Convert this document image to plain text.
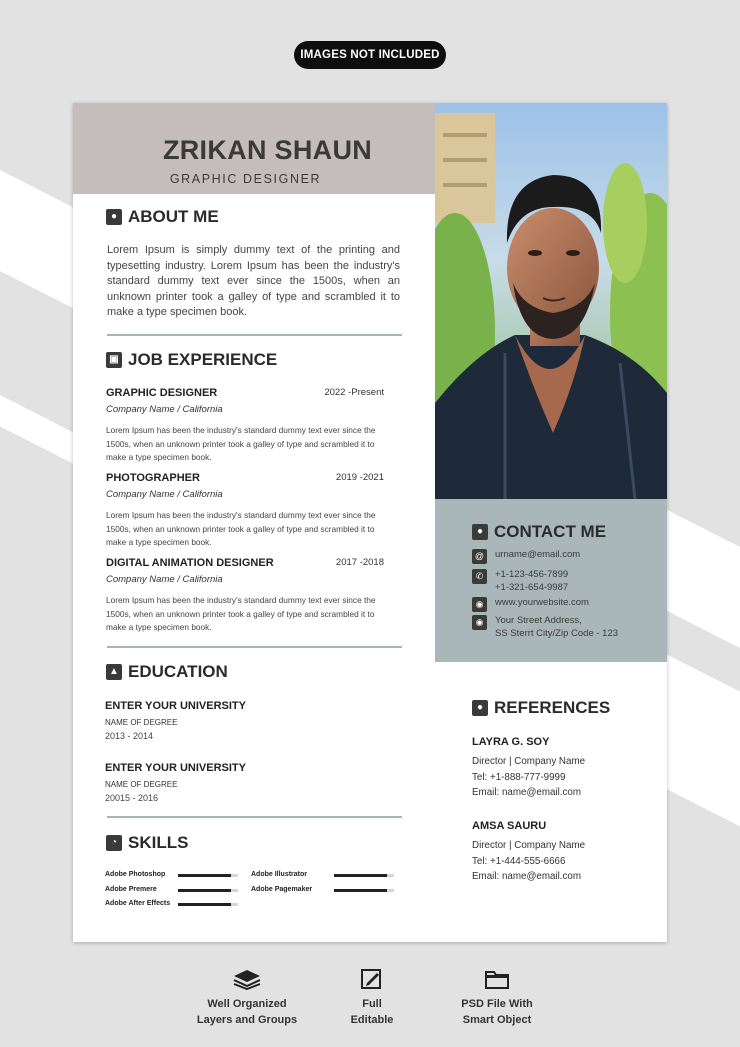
IMAGES NOT INCLUDED
ZRIKAN SHAUN
GRAPHIC DESIGNER
● ABOUT ME
Lorem Ipsum is simply dummy text of the printing and typesetting industry. Lorem Ipsum has been the industry's standard dummy text ever since the 1500s, when an unknown printer took a galley of type and scrambled it to make a type specimen book.
▣ JOB EXPERIENCE
GRAPHIC DESIGNER	2022 -Present
Company Name / California
Lorem Ipsum has been the industry's standard dummy text ever since the 1500s, when an unknown printer took a galley of type and scrambled it to make a type specimen book.
PHOTOGRAPHER	2019 -2021
Company Name / California
Lorem Ipsum has been the industry's standard dummy text ever since the 1500s, when an unknown printer took a galley of type and scrambled it to make a type specimen book.
DIGITAL ANIMATION DESIGNER	2017 -2018
Company Name / California
Lorem Ipsum has been the industry's standard dummy text ever since the 1500s, when an unknown printer took a galley of type and scrambled it to make a type specimen book.
▲ EDUCATION
ENTER YOUR UNIVERSITY
NAME OF DEGREE
2013 - 2014
ENTER YOUR UNIVERSITY
NAME OF DEGREE
20015 - 2016
◔ SKILLS
Adobe Photoshop
Adobe Premere
Adobe After Effects
Adobe Illustrator
Adobe Pagemaker
● CONTACT ME
@	urname@email.com
✆	+1-123-456-7899
+1-321-654-9987
◉	www.yourwebsite.com
◉	Your Street Address,
SS Sterrt City/Zip Code - 123
● REFERENCES
LAYRA G. SOY
Director | Company Name
Tel: +1-888-777-9999
Email: name@email.com
AMSA SAURU
Director | Company Name
Tel: +1-444-555-6666
Email: name@email.com
Well Organized
Layers and Groups
Full
Editable
PSD File With
Smart Object
